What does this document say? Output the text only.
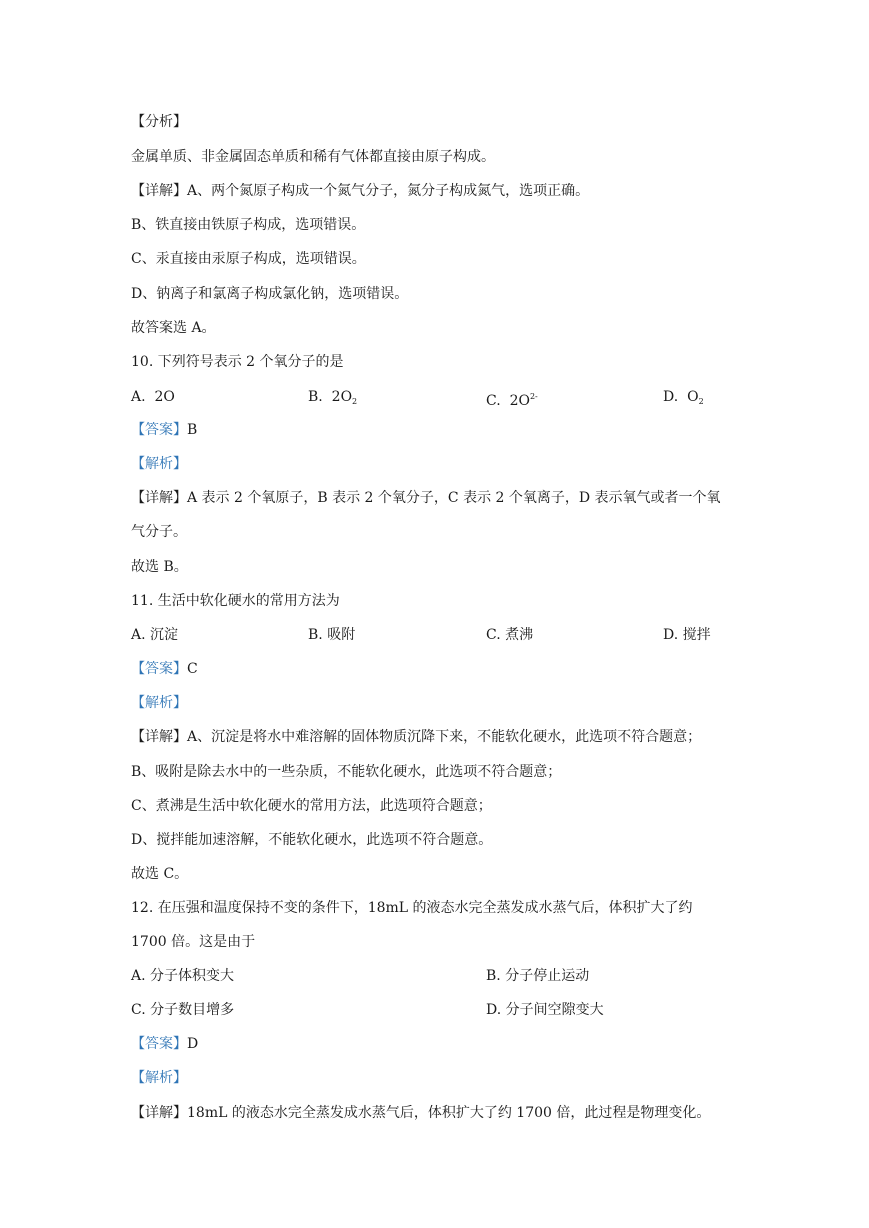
【分析】
金属单质、非金属固态单质和稀有气体都直接由原子构成。
【详解】A、两个氮原子构成一个氮气分子，氮分子构成氮气，选项正确。
B、铁直接由铁原子构成，选项错误。
C、汞直接由汞原子构成，选项错误。
D、钠离子和氯离子构成氯化钠，选项错误。
故答案选 A。
10. 下列符号表示 2 个氧分子的是
A. 2O	B. $2O_2$	C. $2O^{2-}$	D. $O_2$
【答案】B
【解析】
【详解】A 表示 2 个氧原子，B 表示 2 个氧分子，C 表示 2 个氧离子，D 表示氧气或者一个氧
气分子。
故选 B。
11. 生活中软化硬水的常用方法为
A. 沉淀	B. 吸附	C. 煮沸	D. 搅拌
【答案】C
【解析】
【详解】A、沉淀是将水中难溶解的固体物质沉降下来，不能软化硬水，此选项不符合题意；
B、吸附是除去水中的一些杂质，不能软化硬水，此选项不符合题意；
C、煮沸是生活中软化硬水的常用方法，此选项符合题意；
D、搅拌能加速溶解，不能软化硬水，此选项不符合题意。
故选 C。
12. 在压强和温度保持不变的条件下，18mL 的液态水完全蒸发成水蒸气后，体积扩大了约
1700 倍。这是由于
A. 分子体积变大	B. 分子停止运动
C. 分子数目增多	D. 分子间空隙变大
【答案】D
【解析】
【详解】18mL 的液态水完全蒸发成水蒸气后，体积扩大了约 1700 倍，此过程是物理变化。
